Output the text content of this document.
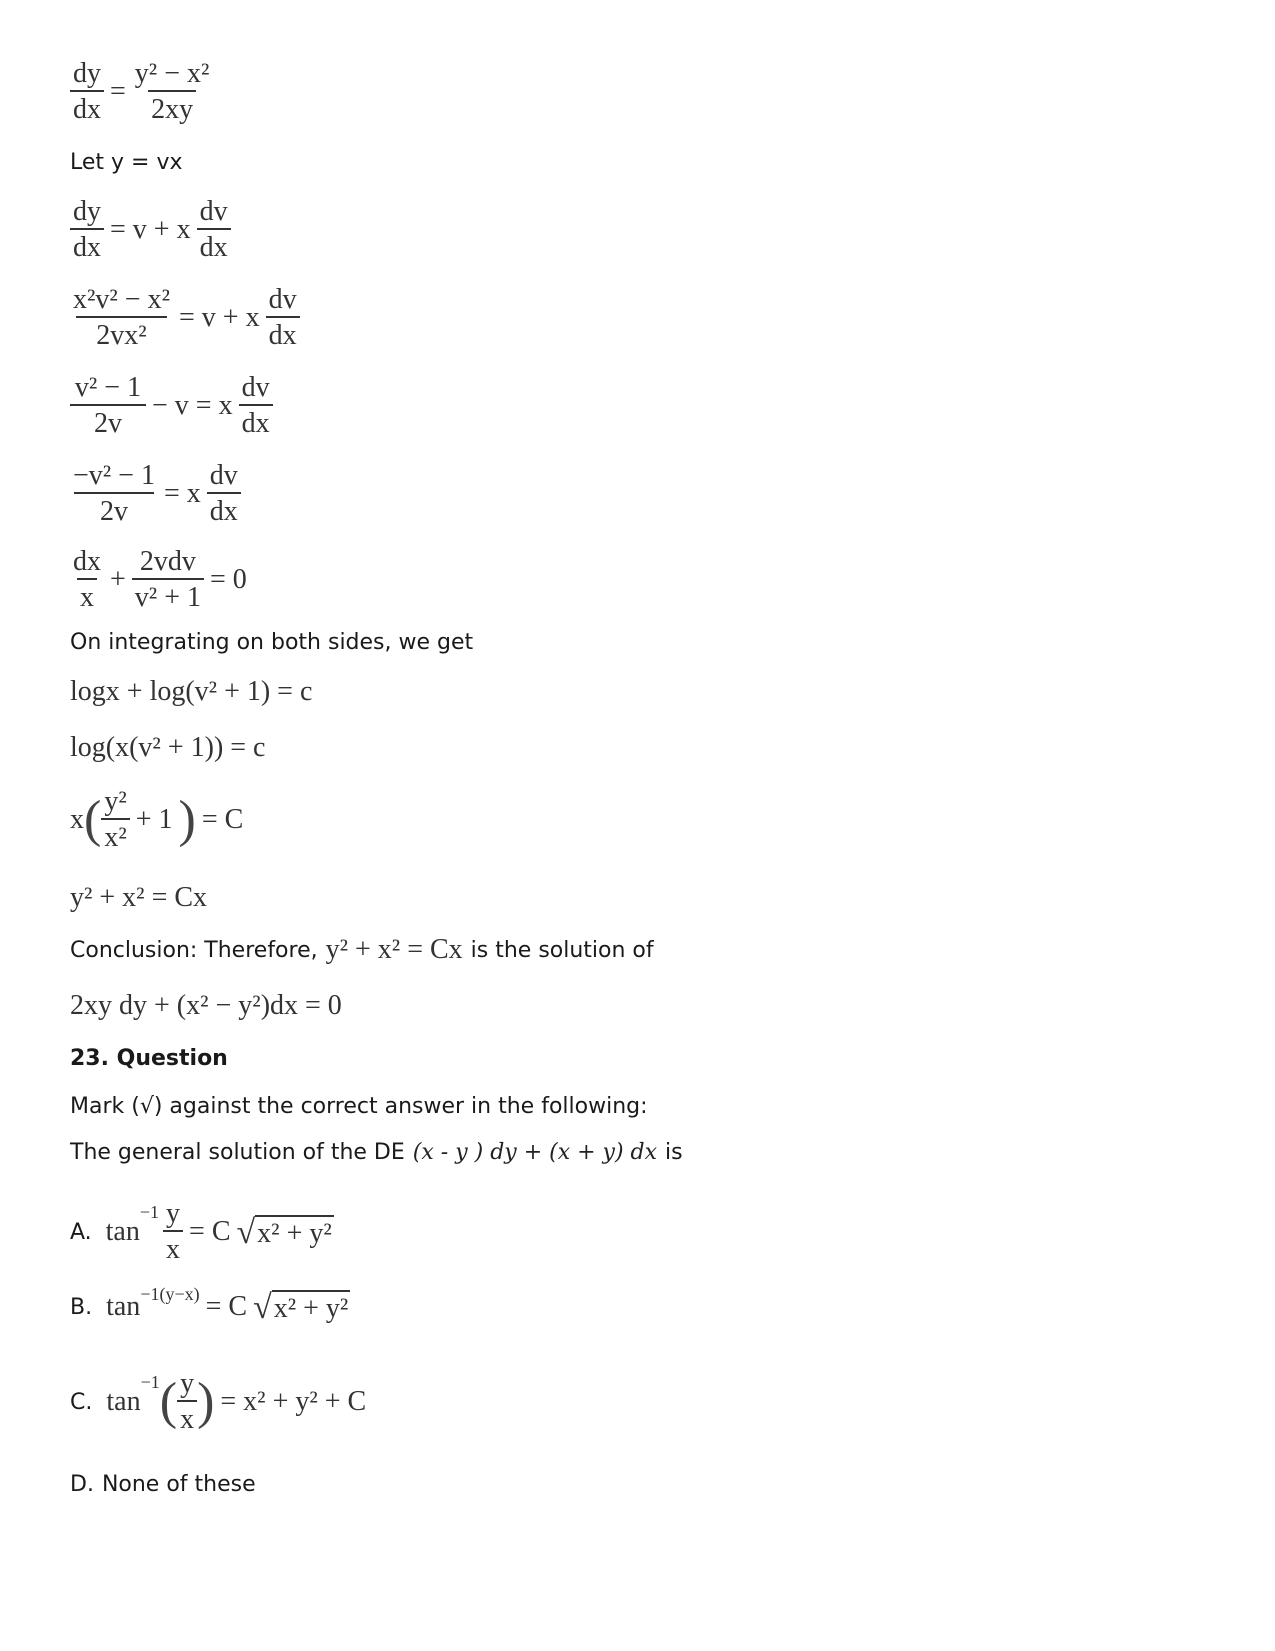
$\frac{dy}{dx} = \frac{\text{y² − x²}}{2xy}$
Let y = vx
$\frac{dy}{dx} = v + x \frac{dv}{dx}$
$\frac{\text{x²v² − x²}}{\text{2vx²}} = v + x \frac{dv}{dx}$
$\frac{\text{v² − 1}}{2v} - v = x \frac{dv}{dx}$
$\frac{\text{−v² − 1}}{2v} = x \frac{dv}{dx}$
$\frac{dx}{x} + \frac{\text{2vdv}}{\text{v² + 1}} = 0$
On integrating on both sides, we get
logx + log(v² + 1) = c
log(x(v² + 1)) = c
x ( $\frac{\text{y²}}{\text{x²}} + 1$ ) = C
y² + x² = Cx
Conclusion: Therefore, y² + x² = Cx is the solution of
2xy dy + (x² − y²)dx = 0
23. Question
Mark (√) against the correct answer in the following:
The general solution of the DE (x - y ) dy + (x + y) dx is
A. tan
$-1 \frac{y}{x} = C$ √ x² + y²
B. tan −1(y−x) = C √ x² + y²
C. tan
−1 ( $\frac{y}{x}$ ) = x² + y² + C
D. None of these
